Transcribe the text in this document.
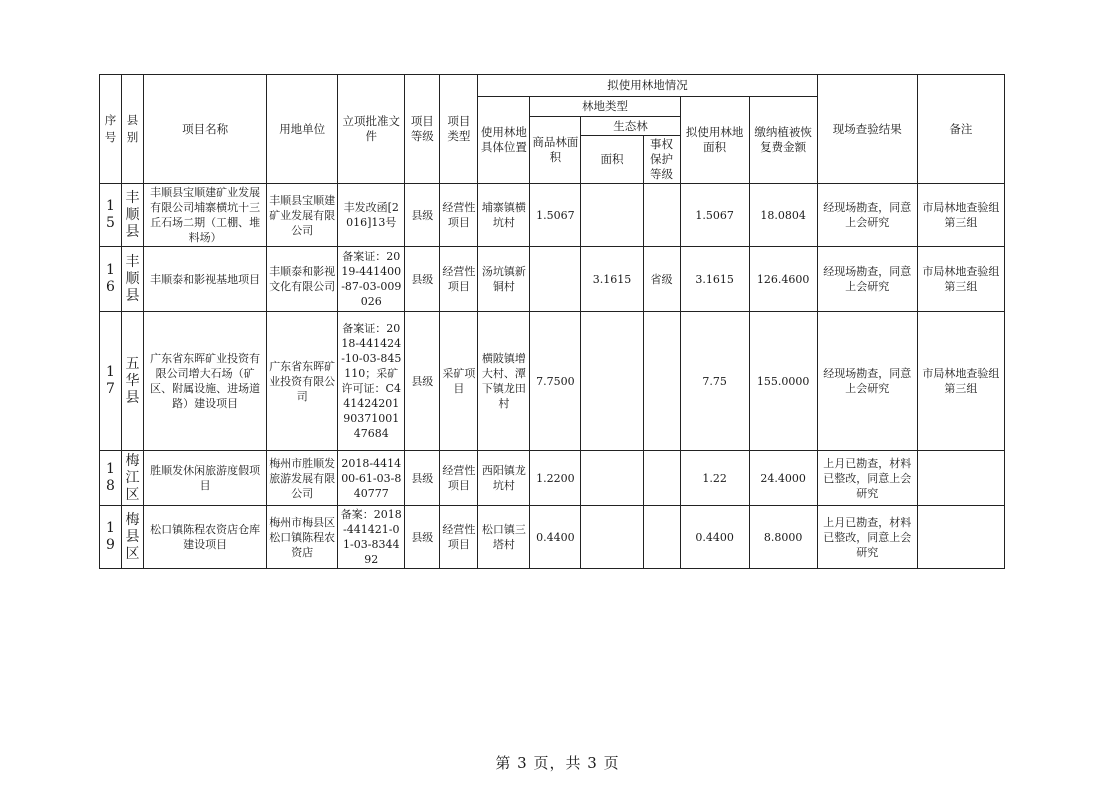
序号	县别	项目名称	用地单位	立项批准文件	项目等级	项目类型	拟使用林地情况						现场查验结果	备注
							使用林地具体位置	林地类型			拟使用林地面积	缴纳植被恢复费金额		
								商品林面积	生态林					
									面积	事权保护等级				
15	丰顺县	丰顺县宝顺建矿业发展有限公司埔寨横坑十三丘石场二期（工棚、堆料场）	丰顺县宝顺建矿业发展有限公司	丰发改函[2016]13号	县级	经营性项目	埔寨镇横坑村	1.5067			1.5067	18.0804	经现场勘查，同意上会研究	市局林地查验组第三组
16	丰顺县	丰顺泰和影视基地项目	丰顺泰和影视文化有限公司	备案证：2019-441400-87-03-009026	县级	经营性项目	汤坑镇新铜村		3.1615	省级	3.1615	126.4600	经现场勘查，同意上会研究	市局林地查验组第三组
17	五华县	广东省东晖矿业投资有限公司增大石场（矿区、附属设施、进场道路）建设项目	广东省东晖矿业投资有限公司	备案证：2018-441424-10-03-845110；采矿许可证：C4414242019037100147684	县级	采矿项目	横陂镇增大村、潭下镇龙田村	7.7500			7.75	155.0000	经现场勘查，同意上会研究	市局林地查验组第三组
18	梅江区	胜顺发休闲旅游度假项目	梅州市胜顺发旅游发展有限公司	2018-441400-61-03-840777	县级	经营性项目	西阳镇龙坑村	1.2200			1.22	24.4000	上月已勘查，材料已整改，同意上会研究	
19	梅县区	松口镇陈程农资店仓库建设项目	梅州市梅县区松口镇陈程农资店	备案：2018-441421-01-03-834492	县级	经营性项目	松口镇三塔村	0.4400			0.4400	8.8000	上月已勘查，材料已整改，同意上会研究	
第 3 页，共 3 页
